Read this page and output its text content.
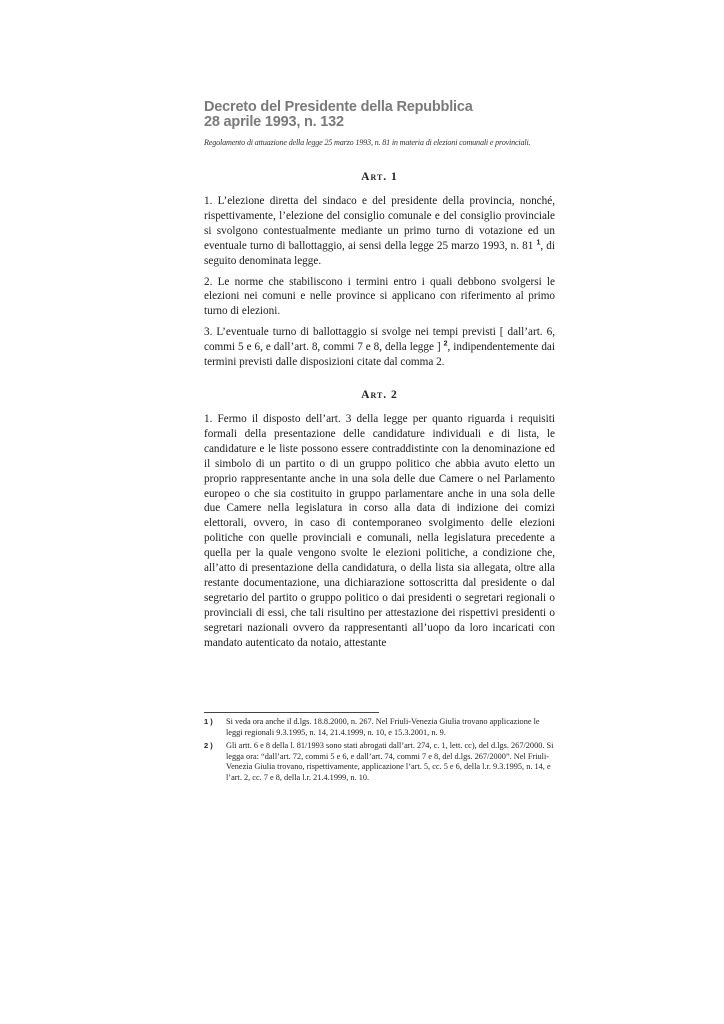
Decreto del Presidente della Repubblica
28 aprile 1993, n. 132

Regolamento di attuazione della legge 25 marzo 1993, n. 81 in materia di elezioni comunali e provinciali.

Art. 1

1. L’elezione diretta del sindaco e del presidente della provincia, nonché, rispettivamente, l’elezione del consiglio comunale e del consiglio provinciale si svolgono contestualmente mediante un primo turno di votazione ed un eventuale turno di ballottaggio, ai sensi della legge 25 marzo 1993, n. 81 $^1$, di seguito denominata legge.

2. Le norme che stabiliscono i termini entro i quali debbono svolgersi le elezioni nei comuni e nelle province si applicano con riferimento al primo turno di elezioni.

3. L’eventuale turno di ballottaggio si svolge nei tempi previsti [ dall’art. 6, commi 5 e 6, e dall’art. 8, commi 7 e 8, della legge ] $^2$, indipendentemente dai termini previsti dalle disposizioni citate dal comma 2.

Art. 2

1. Fermo il disposto dell’art. 3 della legge per quanto riguarda i requisiti formali della presentazione delle candidature individuali e di lista, le candidature e le liste possono essere contraddistinte con la denominazione ed il simbolo di un partito o di un gruppo politico che abbia avuto eletto un proprio rappresentante anche in una sola delle due Camere o nel Parlamento europeo o che sia costituito in gruppo parlamentare anche in una sola delle due Camere nella legislatura in corso alla data di indizione dei comizi elettorali, ovvero, in caso di contemporaneo svolgimento delle elezioni politiche con quelle provinciali e comunali, nella legislatura precedente a quella per la quale vengono svolte le elezioni politiche, a condizione che, all’atto di presentazione della candidatura, o della lista sia allegata, oltre alla restante documentazione, una dichiarazione sottoscritta dal presidente o dal segretario del partito o gruppo politico o dai presidenti o segretari regionali o provinciali di essi, che tali risultino per attestazione dei rispettivi presidenti o segretari nazionali ovvero da rappresentanti all’uopo da loro incaricati con mandato autenticato da notaio, attestante

1 )	Si veda ora anche il d.lgs. 18.8.2000, n. 267. Nel Friuli-Venezia Giulia trovano applicazione le leggi regionali 9.3.1995, n. 14, 21.4.1999, n. 10, e 15.3.2001, n. 9.
2 )	Gli artt. 6 e 8 della l. 81/1993 sono stati abrogati dall’art. 274, c. 1, lett. cc), del d.lgs. 267/2000. Si legga ora: “dall’art. 72, commi 5 e 6, e dall’art. 74, commi 7 e 8, del d.lgs. 267/2000”. Nel Friuli-Venezia Giulia trovano, rispettivamente, applicazione l’art. 5, cc. 5 e 6, della l.r. 9.3.1995, n. 14, e l’art. 2, cc. 7 e 8, della l.r. 21.4.1999, n. 10.
